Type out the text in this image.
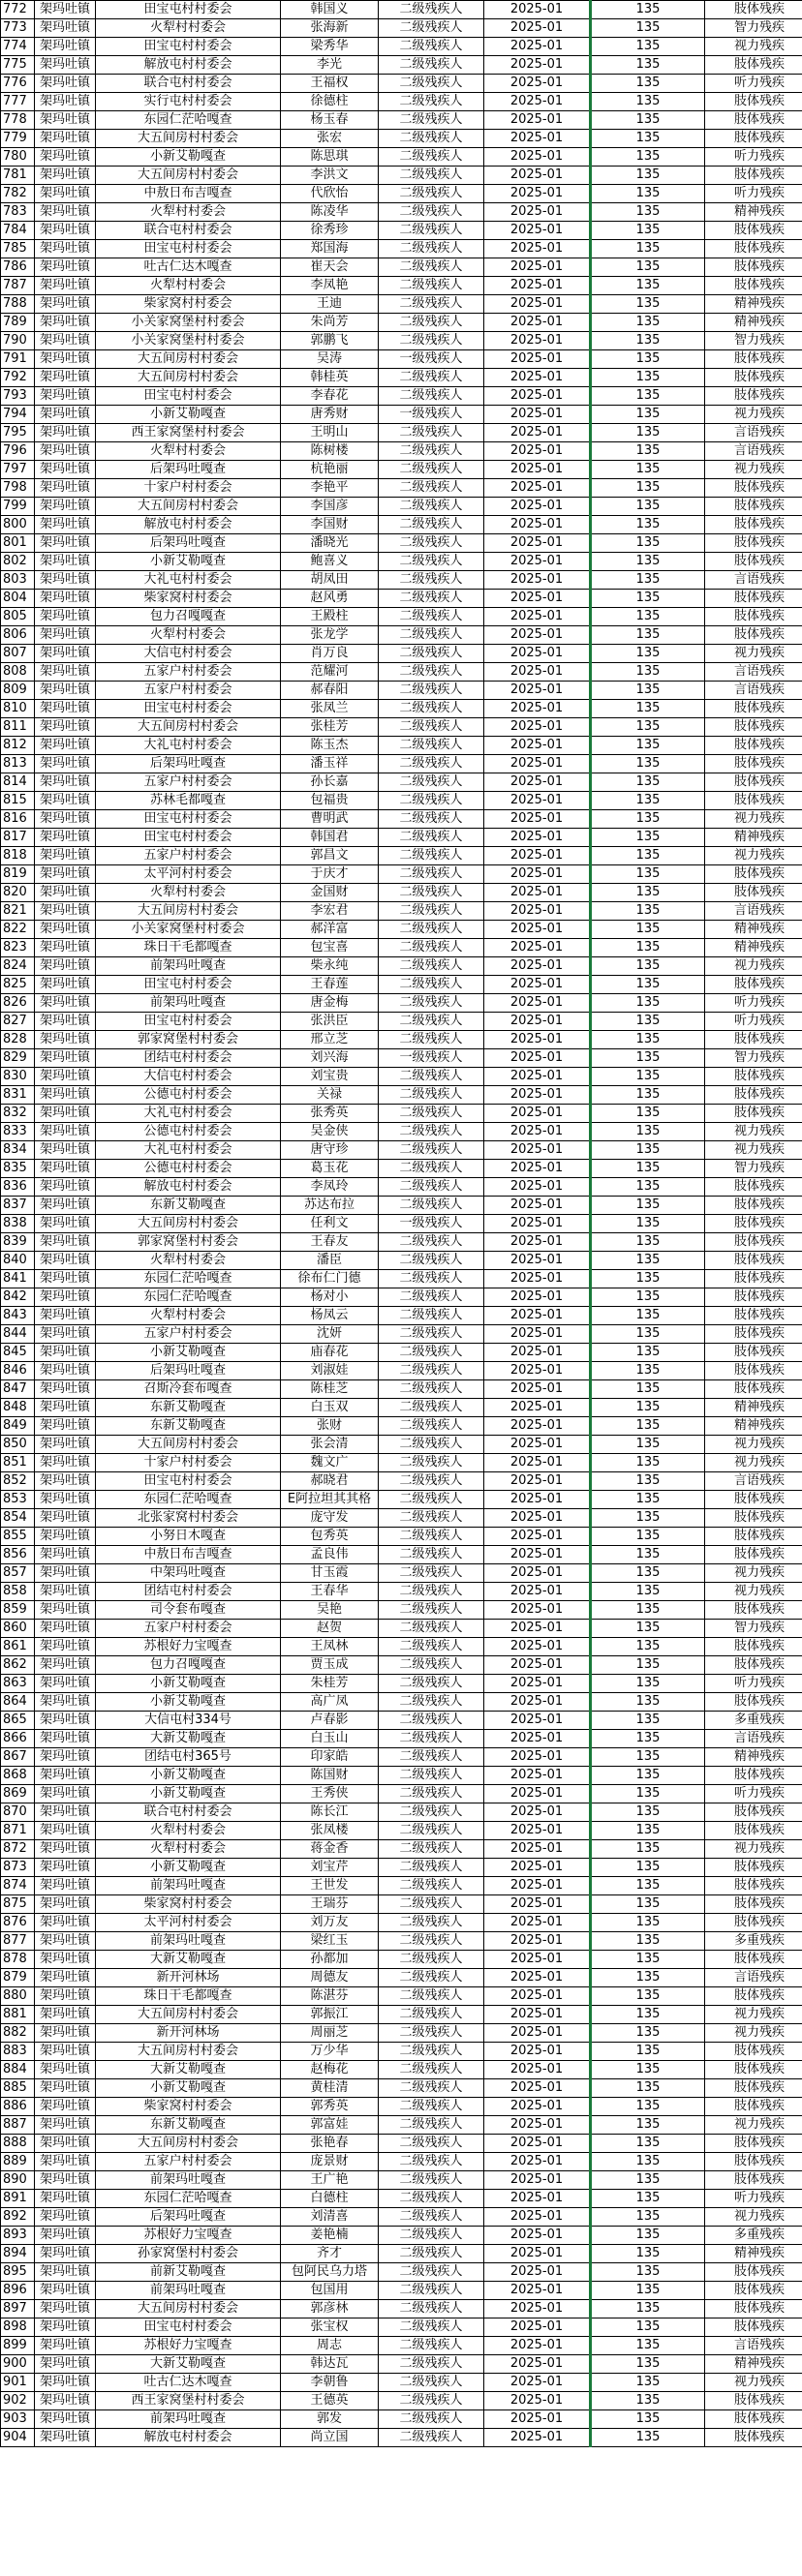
772	架玛吐镇	田宝屯村村委会	韩国义	二级残疾人	2025-01	135	肢体残疾
773	架玛吐镇	火犁村村委会	张海新	二级残疾人	2025-01	135	智力残疾
774	架玛吐镇	田宝屯村村委会	梁秀华	二级残疾人	2025-01	135	视力残疾
775	架玛吐镇	解放屯村村委会	李光	二级残疾人	2025-01	135	肢体残疾
776	架玛吐镇	联合屯村村委会	王福权	二级残疾人	2025-01	135	听力残疾
777	架玛吐镇	实行屯村村委会	徐德柱	二级残疾人	2025-01	135	肢体残疾
778	架玛吐镇	东园仁茫哈嘎查	杨玉春	二级残疾人	2025-01	135	肢体残疾
779	架玛吐镇	大五间房村村委会	张宏	二级残疾人	2025-01	135	肢体残疾
780	架玛吐镇	小新艾勒嘎查	陈思琪	二级残疾人	2025-01	135	听力残疾
781	架玛吐镇	大五间房村村委会	李洪文	二级残疾人	2025-01	135	肢体残疾
782	架玛吐镇	中敖日布吉嘎查	代欣怡	二级残疾人	2025-01	135	听力残疾
783	架玛吐镇	火犁村村委会	陈凌华	二级残疾人	2025-01	135	精神残疾
784	架玛吐镇	联合屯村村委会	徐秀珍	二级残疾人	2025-01	135	肢体残疾
785	架玛吐镇	田宝屯村村委会	郑国海	二级残疾人	2025-01	135	肢体残疾
786	架玛吐镇	吐古仁达木嘎查	崔天会	二级残疾人	2025-01	135	肢体残疾
787	架玛吐镇	火犁村村委会	李凤艳	二级残疾人	2025-01	135	肢体残疾
788	架玛吐镇	柴家窝村村委会	王迪	二级残疾人	2025-01	135	精神残疾
789	架玛吐镇	小关家窝堡村村委会	朱尚芳	二级残疾人	2025-01	135	精神残疾
790	架玛吐镇	小关家窝堡村村委会	郭鹏飞	二级残疾人	2025-01	135	智力残疾
791	架玛吐镇	大五间房村村委会	吴涛	一级残疾人	2025-01	135	肢体残疾
792	架玛吐镇	大五间房村村委会	韩桂英	二级残疾人	2025-01	135	肢体残疾
793	架玛吐镇	田宝屯村村委会	李春花	二级残疾人	2025-01	135	肢体残疾
794	架玛吐镇	小新艾勒嘎查	唐秀财	一级残疾人	2025-01	135	视力残疾
795	架玛吐镇	西王家窝堡村村委会	王明山	二级残疾人	2025-01	135	言语残疾
796	架玛吐镇	火犁村村委会	陈树楼	二级残疾人	2025-01	135	言语残疾
797	架玛吐镇	后架玛吐嘎查	杭艳丽	二级残疾人	2025-01	135	视力残疾
798	架玛吐镇	十家户村村委会	李艳平	二级残疾人	2025-01	135	肢体残疾
799	架玛吐镇	大五间房村村委会	李国彦	二级残疾人	2025-01	135	肢体残疾
800	架玛吐镇	解放屯村村委会	李国财	二级残疾人	2025-01	135	肢体残疾
801	架玛吐镇	后架玛吐嘎查	潘晓光	二级残疾人	2025-01	135	肢体残疾
802	架玛吐镇	小新艾勒嘎查	鲍喜义	二级残疾人	2025-01	135	肢体残疾
803	架玛吐镇	大礼屯村村委会	胡凤田	二级残疾人	2025-01	135	言语残疾
804	架玛吐镇	柴家窝村村委会	赵风勇	二级残疾人	2025-01	135	肢体残疾
805	架玛吐镇	包力召嘎嘎查	王殿柱	二级残疾人	2025-01	135	肢体残疾
806	架玛吐镇	火犁村村委会	张龙学	二级残疾人	2025-01	135	肢体残疾
807	架玛吐镇	大信屯村村委会	肖万良	二级残疾人	2025-01	135	视力残疾
808	架玛吐镇	五家户村村委会	范耀河	二级残疾人	2025-01	135	言语残疾
809	架玛吐镇	五家户村村委会	郝春阳	二级残疾人	2025-01	135	言语残疾
810	架玛吐镇	田宝屯村村委会	张凤兰	二级残疾人	2025-01	135	肢体残疾
811	架玛吐镇	大五间房村村委会	张桂芳	二级残疾人	2025-01	135	肢体残疾
812	架玛吐镇	大礼屯村村委会	陈玉杰	二级残疾人	2025-01	135	肢体残疾
813	架玛吐镇	后架玛吐嘎查	潘玉祥	二级残疾人	2025-01	135	肢体残疾
814	架玛吐镇	五家户村村委会	孙长嘉	二级残疾人	2025-01	135	肢体残疾
815	架玛吐镇	苏林毛都嘎查	包福贵	二级残疾人	2025-01	135	肢体残疾
816	架玛吐镇	田宝屯村村委会	曹明武	二级残疾人	2025-01	135	视力残疾
817	架玛吐镇	田宝屯村村委会	韩国君	二级残疾人	2025-01	135	精神残疾
818	架玛吐镇	五家户村村委会	郭昌文	二级残疾人	2025-01	135	视力残疾
819	架玛吐镇	太平河村村委会	于庆才	二级残疾人	2025-01	135	肢体残疾
820	架玛吐镇	火犁村村委会	金国财	二级残疾人	2025-01	135	肢体残疾
821	架玛吐镇	大五间房村村委会	李宏君	二级残疾人	2025-01	135	言语残疾
822	架玛吐镇	小关家窝堡村村委会	郝洋富	二级残疾人	2025-01	135	精神残疾
823	架玛吐镇	珠日干毛都嘎查	包宝喜	二级残疾人	2025-01	135	精神残疾
824	架玛吐镇	前架玛吐嘎查	柴永纯	二级残疾人	2025-01	135	视力残疾
825	架玛吐镇	田宝屯村村委会	王春莲	二级残疾人	2025-01	135	肢体残疾
826	架玛吐镇	前架玛吐嘎查	唐金梅	二级残疾人	2025-01	135	听力残疾
827	架玛吐镇	田宝屯村村委会	张洪臣	二级残疾人	2025-01	135	听力残疾
828	架玛吐镇	郭家窝堡村村委会	邢立芝	二级残疾人	2025-01	135	肢体残疾
829	架玛吐镇	团结屯村村委会	刘兴海	一级残疾人	2025-01	135	智力残疾
830	架玛吐镇	大信屯村村委会	刘宝贵	二级残疾人	2025-01	135	肢体残疾
831	架玛吐镇	公德屯村村委会	关禄	二级残疾人	2025-01	135	肢体残疾
832	架玛吐镇	大礼屯村村委会	张秀英	二级残疾人	2025-01	135	肢体残疾
833	架玛吐镇	公德屯村村委会	吴金侠	二级残疾人	2025-01	135	视力残疾
834	架玛吐镇	大礼屯村村委会	唐守珍	二级残疾人	2025-01	135	视力残疾
835	架玛吐镇	公德屯村村委会	葛玉花	二级残疾人	2025-01	135	智力残疾
836	架玛吐镇	解放屯村村委会	李凤玲	二级残疾人	2025-01	135	肢体残疾
837	架玛吐镇	东新艾勒嘎查	苏达布拉	二级残疾人	2025-01	135	肢体残疾
838	架玛吐镇	大五间房村村委会	任利文	一级残疾人	2025-01	135	肢体残疾
839	架玛吐镇	郭家窝堡村村委会	王春友	二级残疾人	2025-01	135	肢体残疾
840	架玛吐镇	火犁村村委会	潘臣	二级残疾人	2025-01	135	肢体残疾
841	架玛吐镇	东园仁茫哈嘎查	徐布仁门德	二级残疾人	2025-01	135	肢体残疾
842	架玛吐镇	东园仁茫哈嘎查	杨对小	二级残疾人	2025-01	135	肢体残疾
843	架玛吐镇	火犁村村委会	杨凤云	二级残疾人	2025-01	135	肢体残疾
844	架玛吐镇	五家户村村委会	沈妍	二级残疾人	2025-01	135	肢体残疾
845	架玛吐镇	小新艾勒嘎查	庙春花	二级残疾人	2025-01	135	肢体残疾
846	架玛吐镇	后架玛吐嘎查	刘淑娃	二级残疾人	2025-01	135	肢体残疾
847	架玛吐镇	召斯冷套布嘎查	陈桂芝	二级残疾人	2025-01	135	肢体残疾
848	架玛吐镇	东新艾勒嘎查	白玉双	二级残疾人	2025-01	135	精神残疾
849	架玛吐镇	东新艾勒嘎查	张财	二级残疾人	2025-01	135	精神残疾
850	架玛吐镇	大五间房村村委会	张会清	二级残疾人	2025-01	135	视力残疾
851	架玛吐镇	十家户村村委会	魏文广	二级残疾人	2025-01	135	视力残疾
852	架玛吐镇	田宝屯村村委会	郝晓君	二级残疾人	2025-01	135	言语残疾
853	架玛吐镇	东园仁茫哈嘎查	E阿拉坦其其格	二级残疾人	2025-01	135	肢体残疾
854	架玛吐镇	北张家窝村村委会	庞守发	二级残疾人	2025-01	135	肢体残疾
855	架玛吐镇	小努日木嘎查	包秀英	二级残疾人	2025-01	135	肢体残疾
856	架玛吐镇	中敖日布吉嘎查	孟良伟	二级残疾人	2025-01	135	肢体残疾
857	架玛吐镇	中架玛吐嘎查	甘玉霞	二级残疾人	2025-01	135	视力残疾
858	架玛吐镇	团结屯村村委会	王春华	二级残疾人	2025-01	135	视力残疾
859	架玛吐镇	司令套布嘎查	吴艳	二级残疾人	2025-01	135	肢体残疾
860	架玛吐镇	五家户村村委会	赵贺	二级残疾人	2025-01	135	智力残疾
861	架玛吐镇	苏根好力宝嘎查	王凤林	二级残疾人	2025-01	135	肢体残疾
862	架玛吐镇	包力召嘎嘎查	贾玉成	二级残疾人	2025-01	135	肢体残疾
863	架玛吐镇	小新艾勒嘎查	朱桂芳	二级残疾人	2025-01	135	听力残疾
864	架玛吐镇	小新艾勒嘎查	高广凤	二级残疾人	2025-01	135	肢体残疾
865	架玛吐镇	大信屯村334号	卢春影	二级残疾人	2025-01	135	多重残疾
866	架玛吐镇	大新艾勒嘎查	白玉山	二级残疾人	2025-01	135	言语残疾
867	架玛吐镇	团结屯村365号	印家皓	二级残疾人	2025-01	135	精神残疾
868	架玛吐镇	小新艾勒嘎查	陈国财	二级残疾人	2025-01	135	肢体残疾
869	架玛吐镇	小新艾勒嘎查	王秀侠	二级残疾人	2025-01	135	听力残疾
870	架玛吐镇	联合屯村村委会	陈长江	二级残疾人	2025-01	135	肢体残疾
871	架玛吐镇	火犁村村委会	张凤楼	二级残疾人	2025-01	135	肢体残疾
872	架玛吐镇	火犁村村委会	蒋金香	二级残疾人	2025-01	135	视力残疾
873	架玛吐镇	小新艾勒嘎查	刘宝芹	二级残疾人	2025-01	135	肢体残疾
874	架玛吐镇	前架玛吐嘎查	王世发	二级残疾人	2025-01	135	肢体残疾
875	架玛吐镇	柴家窝村村委会	王瑞芬	二级残疾人	2025-01	135	肢体残疾
876	架玛吐镇	太平河村村委会	刘万友	二级残疾人	2025-01	135	肢体残疾
877	架玛吐镇	前架玛吐嘎查	梁红玉	二级残疾人	2025-01	135	多重残疾
878	架玛吐镇	大新艾勒嘎查	孙都加	二级残疾人	2025-01	135	肢体残疾
879	架玛吐镇	新开河林场	周德友	二级残疾人	2025-01	135	言语残疾
880	架玛吐镇	珠日干毛都嘎查	陈湛芬	二级残疾人	2025-01	135	肢体残疾
881	架玛吐镇	大五间房村村委会	郭振江	二级残疾人	2025-01	135	视力残疾
882	架玛吐镇	新开河林场	周丽芝	二级残疾人	2025-01	135	视力残疾
883	架玛吐镇	大五间房村村委会	万少华	二级残疾人	2025-01	135	肢体残疾
884	架玛吐镇	大新艾勒嘎查	赵梅花	二级残疾人	2025-01	135	肢体残疾
885	架玛吐镇	小新艾勒嘎查	黄桂清	二级残疾人	2025-01	135	肢体残疾
886	架玛吐镇	柴家窝村村委会	郭秀英	二级残疾人	2025-01	135	肢体残疾
887	架玛吐镇	东新艾勒嘎查	郭富娃	二级残疾人	2025-01	135	视力残疾
888	架玛吐镇	大五间房村村委会	张艳春	二级残疾人	2025-01	135	肢体残疾
889	架玛吐镇	五家户村村委会	庞景财	二级残疾人	2025-01	135	肢体残疾
890	架玛吐镇	前架玛吐嘎查	王广艳	二级残疾人	2025-01	135	肢体残疾
891	架玛吐镇	东园仁茫哈嘎查	白德柱	二级残疾人	2025-01	135	听力残疾
892	架玛吐镇	后架玛吐嘎查	刘清喜	二级残疾人	2025-01	135	视力残疾
893	架玛吐镇	苏根好力宝嘎查	姜艳楠	二级残疾人	2025-01	135	多重残疾
894	架玛吐镇	孙家窝堡村村委会	齐才	二级残疾人	2025-01	135	精神残疾
895	架玛吐镇	前新艾勒嘎查	包阿民乌力塔	二级残疾人	2025-01	135	肢体残疾
896	架玛吐镇	前架玛吐嘎查	包国用	二级残疾人	2025-01	135	肢体残疾
897	架玛吐镇	大五间房村村委会	郭彦林	二级残疾人	2025-01	135	肢体残疾
898	架玛吐镇	田宝屯村村委会	张宝权	二级残疾人	2025-01	135	肢体残疾
899	架玛吐镇	苏根好力宝嘎查	周志	二级残疾人	2025-01	135	言语残疾
900	架玛吐镇	大新艾勒嘎查	韩达瓦	二级残疾人	2025-01	135	精神残疾
901	架玛吐镇	吐古仁达木嘎查	李朝鲁	二级残疾人	2025-01	135	视力残疾
902	架玛吐镇	西王家窝堡村村委会	王德英	二级残疾人	2025-01	135	肢体残疾
903	架玛吐镇	前架玛吐嘎查	郭发	二级残疾人	2025-01	135	肢体残疾
904	架玛吐镇	解放屯村村委会	尚立国	二级残疾人	2025-01	135	肢体残疾
